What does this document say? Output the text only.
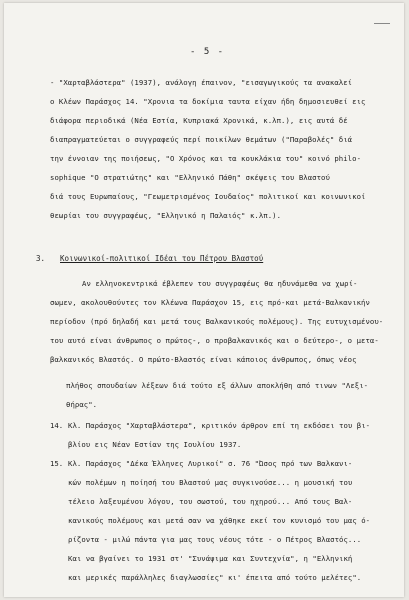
- 5 -
- "Χαρταβλάστερα" (1937), ανάλογη έπαινον, "εισαγωγικούς τα ανακαλεί
ο Κλέων Παράσχος 14. "Χρονια τα δοκίμια ταυτα είχαν ήδη δημοσιευθεί εις
διάφορα περιοδικά (Νέα Εστία, Κυπριακά Χρονικά, κ.λπ.), εις αυτά δέ
διαπραγματεύεται ο συγγραφεύς περί ποικίλων θεμάτων ("Παραβολές" διά
την έννοιαν της ποιήσεως, "Ο Χρόνος και τα κουκλάκια του" κοινό philo-
sophique "Ο στρατιώτης" και "Ελληνικό Πάθη" σκέψεις του Βλαστού
διά τους Ευρωπαίους, "Γεωμετρισμένος Ιουδαίος" πολιτικοί και κοινωνικοί
θεωρίαι του συγγραφέως, "Ελληνικό η Παλαιός" κ.λπ.).
3. Κοινωνικοί-πολιτικοί Ιδέαι του Πέτρου Βλαστού
Αν ελληνοκεντρικά έβλεπεν του συγγραφέως θα ηδυνάμεθα να χωρί-
σωμεν, ακολουθούντες τον Κλέωνα Παράσχον 15, εις πρό-και μετά-Βαλκανικήν
περίοδον (πρό δηλαδή και μετά τους Βαλκανικούς πολέμους). Της ευτυχισμένου-
του αυτό είναι άνθρωπος ο πρώτος-, ο προβαλκανικός και ο δεύτερο-, ο μετα-
βαλκανικός Βλαστός. Ο πρώτο-Βλαστός είναι κάποιος άνθρωπος, όπως νέος
πλήθος σπουδαίων λέξεων διά τούτο εξ άλλων αποκλήθη από τινων "Λεξι-
θήρας".
14. Κλ. Παράσχος "Χαρταβλάστερα", κριτικόν άρθρον επί τη εκδόσει του βι-
βλίου εις Νέαν Εστίαν της Ιουλίου 1937.
15. Κλ. Παράσχος "Δέκα Έλληνες Λυρικοί" σ. 76 "Ώσος πρό των Βαλκανι-
κών πολέμων η ποίησή του Βλαστού μας συγκινούσε... η μουσική του
τέλειο λαξευμένου λόγου, του σωστού, του ηχηρού... Από τους Βαλ-
κανικούς πολέμους και μετά σαν να χάθηκε εκεί τον κυνισμό του μας ό-
ρίζοντα - μιλώ πάντα για μας τους νέους τότε - ο Πέτρος Βλαστός...
Και να βγαίνει το 1931 στ' "Συνάψιμα και Συντεχνία", η "Ελληνική
και μερικές παράλληλες διαγλωσσίες" κι' έπειτα από τούτο μελέτες".
